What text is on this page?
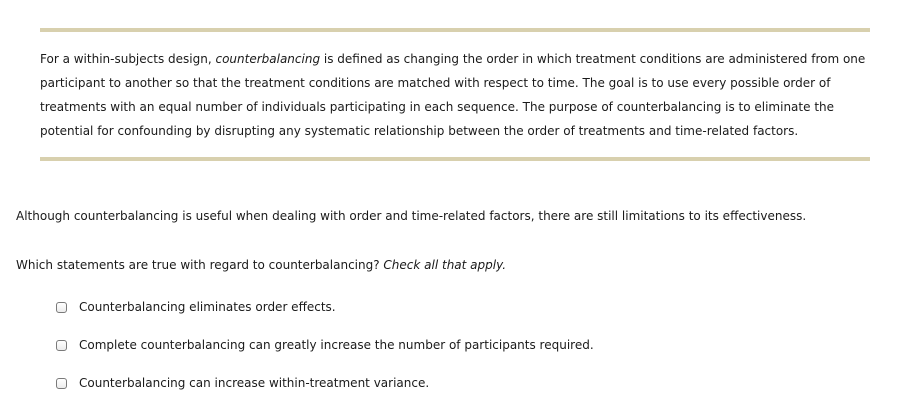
For a within-subjects design, counterbalancing is defined as changing the order in which treatment conditions are administered from one participant to another so that the treatment conditions are matched with respect to time. The goal is to use every possible order of treatments with an equal number of individuals participating in each sequence. The purpose of counterbalancing is to eliminate the potential for confounding by disrupting any systematic relationship between the order of treatments and time-related factors.

Although counterbalancing is useful when dealing with order and time-related factors, there are still limitations to its effectiveness.

Which statements are true with regard to counterbalancing? Check all that apply.

Counterbalancing eliminates order effects.
Complete counterbalancing can greatly increase the number of participants required.
Counterbalancing can increase within-treatment variance.
